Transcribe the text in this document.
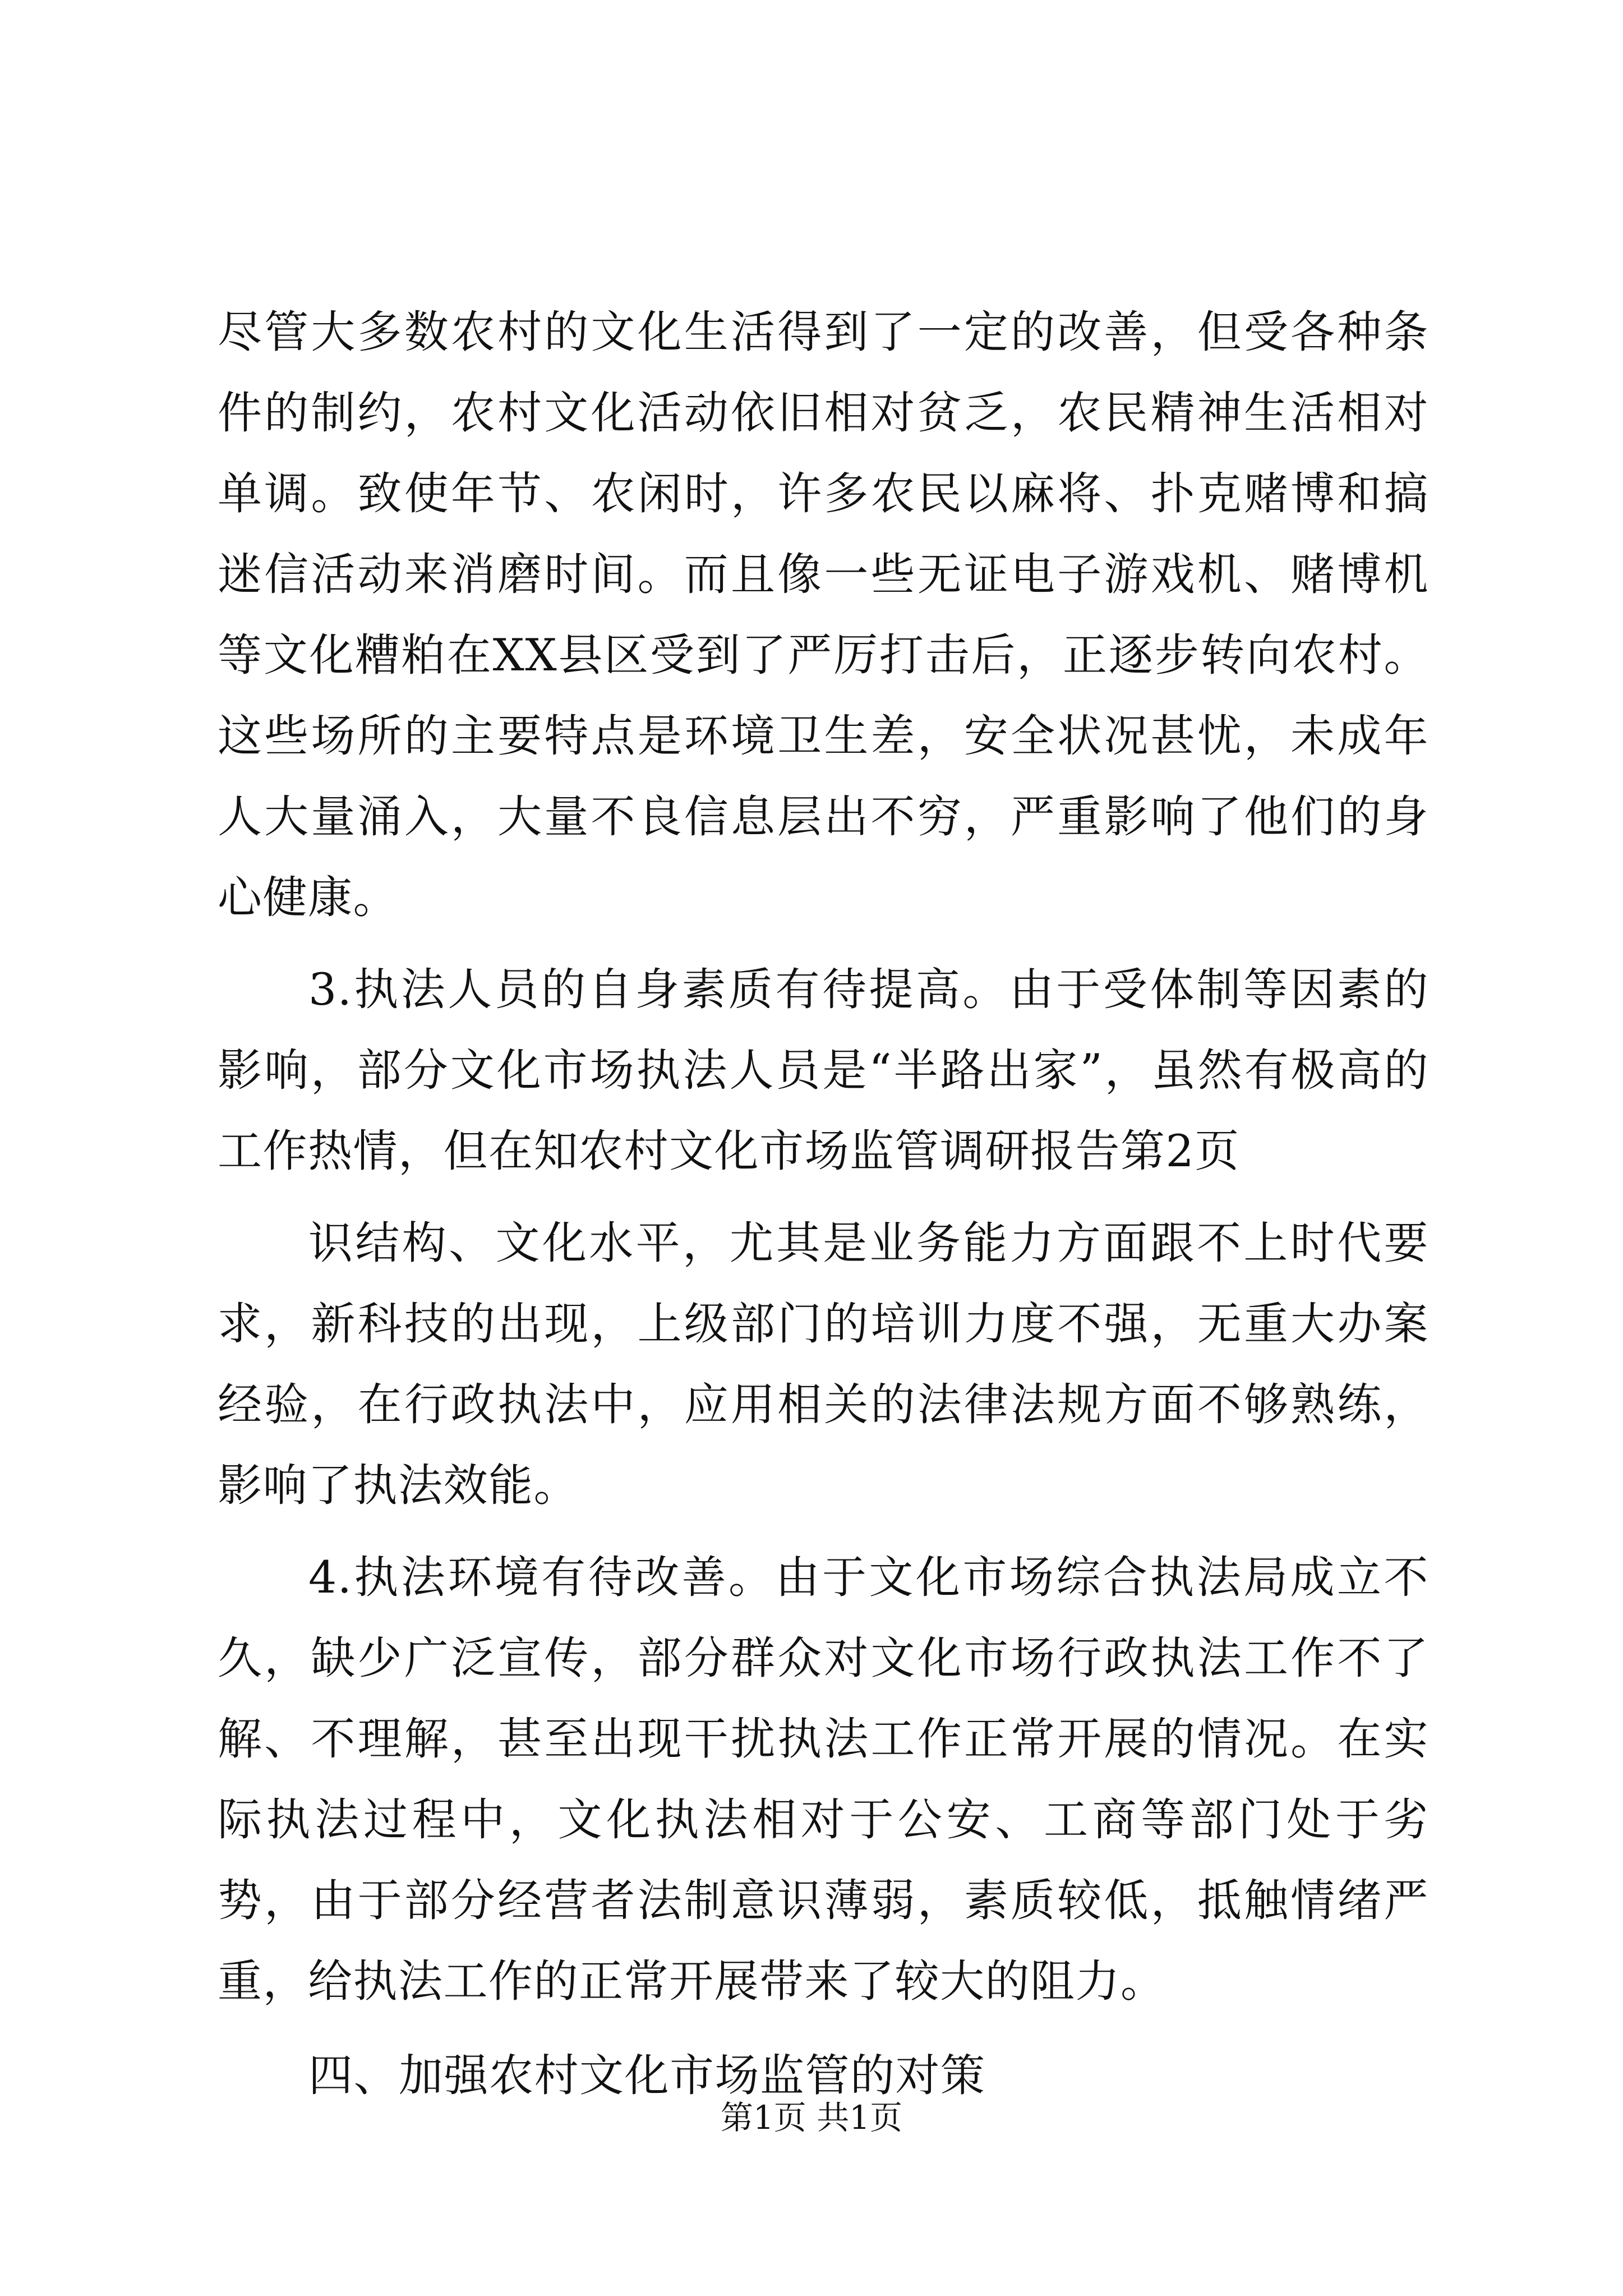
尽管大多数农村的文化生活得到了一定的改善，但受各种条件的制约，农村文化活动依旧相对贫乏，农民精神生活相对单调。致使年节、农闲时，许多农民以麻将、扑克赌博和搞迷信活动来消磨时间。而且像一些无证电子游戏机、赌博机等文化糟粕在XX县区受到了严厉打击后，正逐步转向农村。这些场所的主要特点是环境卫生差，安全状况甚忧，未成年人大量涌入，大量不良信息层出不穷，严重影响了他们的身心健康。

3.执法人员的自身素质有待提高。由于受体制等因素的影响，部分文化市场执法人员是“半路出家”，虽然有极高的工作热情，但在知农村文化市场监管调研报告第2页

识结构、文化水平，尤其是业务能力方面跟不上时代要求，新科技的出现，上级部门的培训力度不强，无重大办案经验，在行政执法中，应用相关的法律法规方面不够熟练，影响了执法效能。

4.执法环境有待改善。由于文化市场综合执法局成立不久，缺少广泛宣传，部分群众对文化市场行政执法工作不了解、不理解，甚至出现干扰执法工作正常开展的情况。在实际执法过程中，文化执法相对于公安、工商等部门处于劣势，由于部分经营者法制意识薄弱，素质较低，抵触情绪严重，给执法工作的正常开展带来了较大的阻力。

四、加强农村文化市场监管的对策

第1页 共1页
